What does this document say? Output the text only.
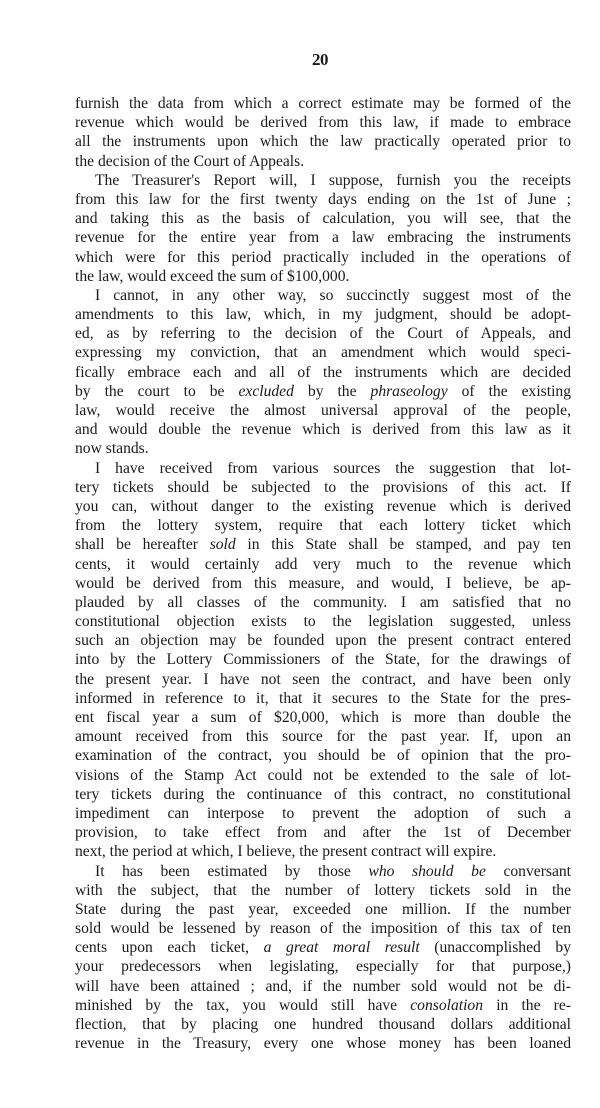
20
furnish the data from which a correct estimate may be formed of the
revenue which would be derived from this law, if made to embrace
all the instruments upon which the law practically operated prior to
the decision of the Court of Appeals.
The Treasurer's Report will, I suppose, furnish you the receipts
from this law for the first twenty days ending on the 1st of June ;
and taking this as the basis of calculation, you will see, that the
revenue for the entire year from a law embracing the instruments
which were for this period practically included in the operations of
the law, would exceed the sum of $100,000.
I cannot, in any other way, so succinctly suggest most of the
amendments to this law, which, in my judgment, should be adopt-
ed, as by referring to the decision of the Court of Appeals, and
expressing my conviction, that an amendment which would speci-
fically embrace each and all of the instruments which are decided
by the court to be excluded by the phraseology of the existing
law, would receive the almost universal approval of the people,
and would double the revenue which is derived from this law as it
now stands.
I have received from various sources the suggestion that lot-
tery tickets should be subjected to the provisions of this act. If
you can, without danger to the existing revenue which is derived
from the lottery system, require that each lottery ticket which
shall be hereafter sold in this State shall be stamped, and pay ten
cents, it would certainly add very much to the revenue which
would be derived from this measure, and would, I believe, be ap-
plauded by all classes of the community. I am satisfied that no
constitutional objection exists to the legislation suggested, unless
such an objection may be founded upon the present contract entered
into by the Lottery Commissioners of the State, for the drawings of
the present year. I have not seen the contract, and have been only
informed in reference to it, that it secures to the State for the pres-
ent fiscal year a sum of $20,000, which is more than double the
amount received from this source for the past year. If, upon an
examination of the contract, you should be of opinion that the pro-
visions of the Stamp Act could not be extended to the sale of lot-
tery tickets during the continuance of this contract, no constitutional
impediment can interpose to prevent the adoption of such a
provision, to take effect from and after the 1st of December
next, the period at which, I believe, the present contract will expire.
It has been estimated by those who should be conversant
with the subject, that the number of lottery tickets sold in the
State during the past year, exceeded one million. If the number
sold would be lessened by reason of the imposition of this tax of ten
cents upon each ticket, a great moral result (unaccomplished by
your predecessors when legislating, especially for that purpose,)
will have been attained ; and, if the number sold would not be di-
minished by the tax, you would still have consolation in the re-
flection, that by placing one hundred thousand dollars additional
revenue in the Treasury, every one whose money has been loaned
